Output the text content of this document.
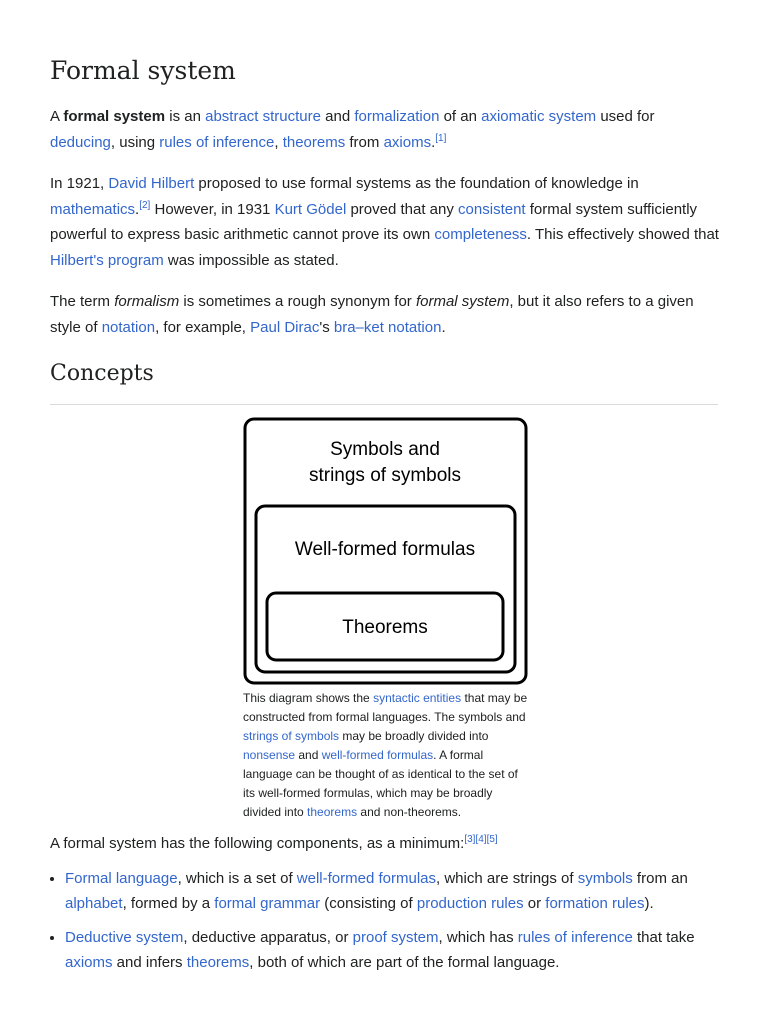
Formal system

A formal system is an abstract structure and formalization of an axiomatic system used for deducing, using rules of inference, theorems from axioms.[1]

In 1921, David Hilbert proposed to use formal systems as the foundation of knowledge in mathematics.[2] However, in 1931 Kurt Gödel proved that any consistent formal system sufficiently powerful to express basic arithmetic cannot prove its own completeness. This effectively showed that Hilbert's program was impossible as stated.

The term formalism is sometimes a rough synonym for formal system, but it also refers to a given style of notation, for example, Paul Dirac's bra–ket notation.

Concepts
Symbols and
strings of symbols
Well-formed formulas
Theorems
This diagram shows the syntactic entities that may be constructed from formal languages. The symbols and strings of symbols may be broadly divided into nonsense and well-formed formulas. A formal language can be thought of as identical to the set of its well-formed formulas, which may be broadly divided into theorems and non-theorems.

A formal system has the following components, as a minimum:[3][4][5]

• Formal language, which is a set of well-formed formulas, which are strings of symbols from an alphabet, formed by a formal grammar (consisting of production rules or formation rules).
• Deductive system, deductive apparatus, or proof system, which has rules of inference that take axioms and infers theorems, both of which are part of the formal language.
